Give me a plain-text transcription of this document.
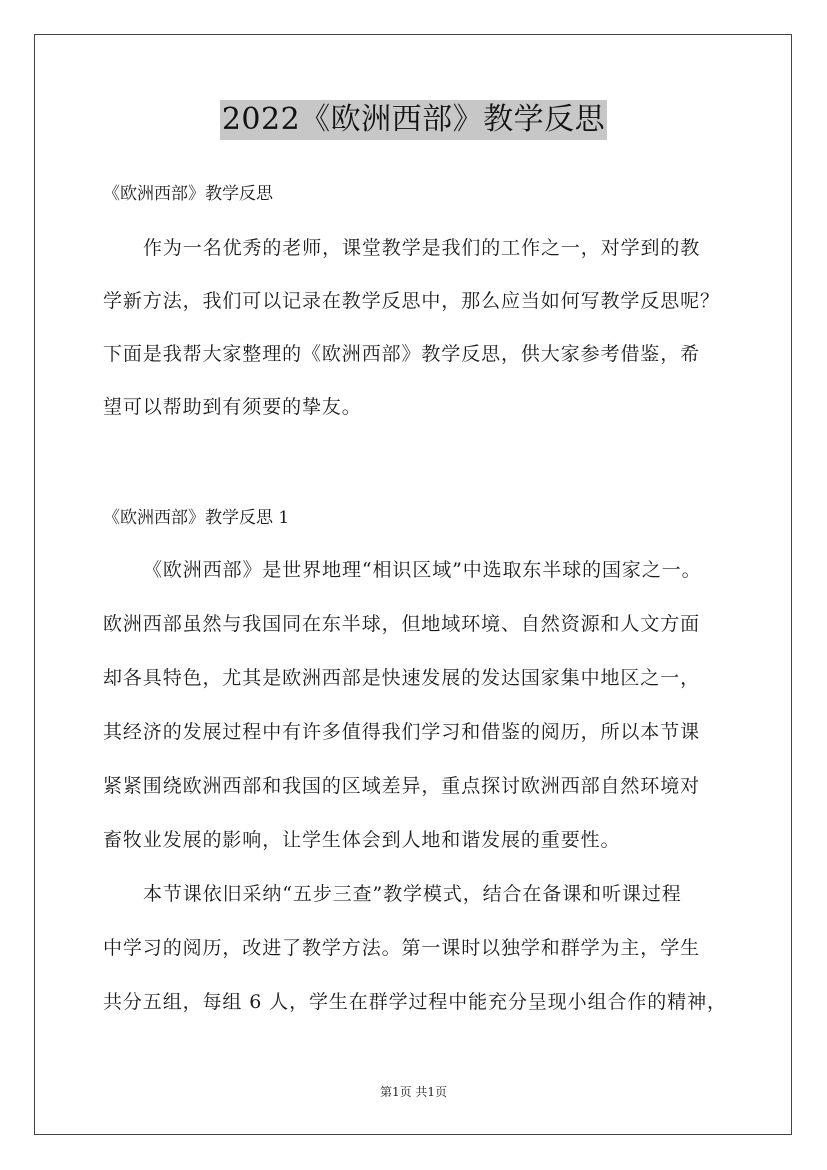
2022《欧洲西部》教学反思
《欧洲西部》教学反思
作为一名优秀的老师，课堂教学是我们的工作之一，对学到的教
学新方法，我们可以记录在教学反思中，那么应当如何写教学反思呢？
下面是我帮大家整理的《欧洲西部》教学反思，供大家参考借鉴，希
望可以帮助到有须要的挚友。
《欧洲西部》教学反思 1
《欧洲西部》是世界地理“相识区域”中选取东半球的国家之一。
欧洲西部虽然与我国同在东半球，但地域环境、自然资源和人文方面
却各具特色，尤其是欧洲西部是快速发展的发达国家集中地区之一，
其经济的发展过程中有许多值得我们学习和借鉴的阅历，所以本节课
紧紧围绕欧洲西部和我国的区域差异，重点探讨欧洲西部自然环境对
畜牧业发展的影响，让学生体会到人地和谐发展的重要性。
本节课依旧采纳“五步三查”教学模式，结合在备课和听课过程
中学习的阅历，改进了教学方法。第一课时以独学和群学为主，学生
共分五组，每组 6 人，学生在群学过程中能充分呈现小组合作的精神，
第1页 共1页
